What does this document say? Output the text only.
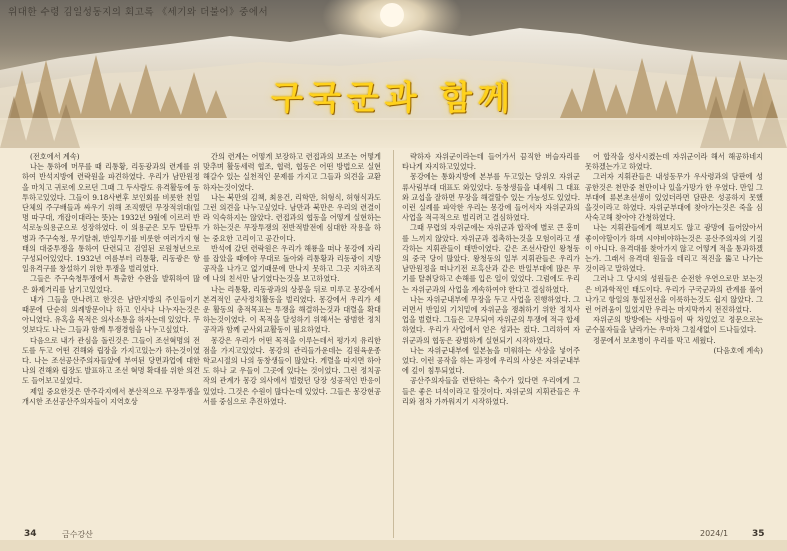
위대한 수령 김일성동지의 회고록 《세기와 더불어》중에서
구국군과 함께

(전호에서 계속)

나는 통하에 머무를 때 리통황, 리동광과의 련계를 위하여 반석지방에 련락원을 파견하였다. 우리가 남만원정을 마치고 귀로에 오르던 그때 그 두사람도 유격활동에 동투하고있었다. 그들이 9.18사변후 보인회를 비롯한 친일단체의 주구배들과 싸우기 위해 조직했던 무장적위대(일명 따구대, 개잡이대라는 뜻)는 1932년 9월에 이르러 반석로농의용군으로 성장하였다. 이 의용군은 모두 말탄투병과 주구숙청, 무기탈취, 반일투기를 비롯한 여러가지 형태의 대중투쟁을 통하여 단련되고 검열된 로원청년으로 구성되어있었다. 1932년 여름부터 리통황, 리동광은 항일유격구를 창설하기 위한 투쟁을 벌리였다.

그들은 주구숙청투쟁에서 특출한 수완을 발휘하여 많은 화제거리를 남기고있었다.

내가 그들을 만나려고 한것은 남만지방의 주인들이기때문에 단순히 의례방문이나 하고 인사나 나누자는것은 아니였다. 유혹을 목적은 의사소통을 하자는데 있었다. 무엇보다도 나는 그들과 함께 투쟁경험을 나누고싶었다.

다음으로 내가 관심을 돌린것은 그들이 조선혁명의 전도를 두고 어떤 견해와 립장을 가지고있는가 하는것이였다. 나는 조선공산주의자들앞에 부여된 당면과업에 대한 나의 견해와 립장도 발표하고 조선 혁명 확대를 위한 의견도 들어보고싶었다.

제일 중요한것은 만주각지에서 분산적으로 무장투쟁을 개시한 조선공산주의자들이 지역호상

간의 련계는 어떻게 보장하고 련접과의 보조는 어떻게 맞추며 활동세력 협조, 협력, 협동은 어떤 방법으로 실현해갈수 있는 실천적인 문제를 가지고 그들과 의견을 교환하자는것이였다.

나는 북만의 김책, 최용건, 리학만, 허형식, 허형식과도 그런 의견을 나누고싶었다. 남만과 북만은 우리의 련결이라 익숙하지는 않았다. 련접과의 협동을 어떻게 실현하는가 하는것은 무장투쟁의 전반적발전에 심대한 작용을 하는 중요한 고리이고 공간이다.

반석에 갔던 련락원은 우리가 해룡을 떠나 몽강에 자리를 잡았을 때에야 무대로 돌아와 리통황과 리동광이 지방공작을 나가고 없기때문에 만나지 못하고 그곳 지하조직에 나의 친서만 남기였다는것을 보고하였다.

나는 리통황, 리동광과의 상봉을 뒤로 미루고 몽강에서 본격적인 군사정치활동을 벌리였다. 몽강에서 우리가 세운 활동의 총적목표는 투쟁을 해결하는것과 대렬을 확대하는것이였다. 이 목적을 달성하기 위해서는 광범한 정치공작과 함께 군사외교활동이 필요하였다.

몽강은 우리가 어떤 목적을 이루는데서 평가지 유리한 점을 가지고있었다. 몽강의 관리들가운데는 김원육운종학교시절의 나의 동창생들이 많았다. 게렬을 따지면 하아도 하나 교 우들이 그곳에 있다는 것이었다. 그런 정치공작의 관계가 몽강 의사에서 벌렸던 당장 성공적인 반응이 있었다. 그것은 수원이 많다는데 있었다. 그들은 몽강현공서를 중심으로 추진하였다.

략하자 자위군이라는데 들어가서 끔직한 버슬자리를 타나게 자지하고있었다.

몽강에는 통화지방에 본부를 두고있는 당위오 자위군 류사림부대 대표도 와있었다. 동창생들을 내세워 그 대표와 교섭을 잘하면 무장을 해결할수 있는 가능성도 있었다. 이런 실례를 파악한 우리는 몽강에 들어서자 자위군과의 사업을 적극적으로 벌리려고 결심하였다.

그때 무렵의 자위군에는 자위군과 합작에 별로 큰 흥미를 느끼지 않았다. 자위군과 접촉하는것을 모험이라고 생각하는 지휘관들이 태반이였다. 같은 조선사람인 왕청동의 중국 당이 많았다. 왕청동의 일부 지휘관들은 우리가 남만원정을 떠나기전 로흑산과 같은 반일부대에 많은 무기를 탈취당하고 손해를 입은 일이 있었다. 그럼에도 우리는 자위군과의 사업을 계속하여야 한다고 결심하였다.

나는 자위군내부에 무장을 두고 사업을 진행하였다. 그러면서 반일의 기치밑에 자위군을 쟁취하기 위한 정치사업을 벌렸다. 그들은 고무되여 자위군의 투쟁에 적극 합세하였다. 우리가 사업에서 얻은 성과는 컸다. 그리하여 자위군과의 협동은 광범하게 실현되기 시작하였다.

나는 자위군내부에 일본놈을 미워하는 사상을 넣어주었다. 이런 공작을 하는 과정에 우리의 사상은 자위군내부에 깊이 침투되였다.

공산주의자들을 련탄하는 축수가 있다면 우리에게 그들은 좋은 녀석이라고 할것이다. 자위군의 지휘관들은 우리와 점차 가까워지기 시작하였다.

어 합작을 성사시켰는데 자위군이라 해서 해공하네지 못하겠는가고 하였다.

그러자 지휘관들은 내성동무가 우사령과의 담판에 성공한것은 천만중 천만이나 있을가망가 한 우였다. 만일 그 부대에 류본초선생이 있었더라면 담판은 성공하지 못했을것이라고 하였다. 자위군부대에 찾아가는것은 죽을 심사숙고해 찾아야 간청하였다.

나는 지휘관들에게 해보지도 않고 광망에 들어앉아서 좋이야할이가 하며 시야비야하는것은 공산주의자의 기질이 아니다. 유격대를 찾아가지 않고 어떻게 적을 통과하겠는가. 그래서 유격대 원들을 데리고 적진을 뚫고 나가는 것이라고 말하였다.

그러나 그 당시의 성원들은 순전한 우연으로만 보는것은 비과학적인 태도이다. 우리가 구국군과의 관계를 풀어 나가고 항일의 통일전선을 이룩하는것도 쉽지 않았다. 그런 어려움이 있었지만 우리는 마지막까지 전진하였다.

자위군의 방방에는 사방들이 딱 차있었고 정문으로는 군수물자들을 날라가는 우마차 그칠새없이 드나들었다.

정문에서 보초병이 우리를 막고 세웠다.

(다음호에 계속)

34	금수강산	2024/1	35
